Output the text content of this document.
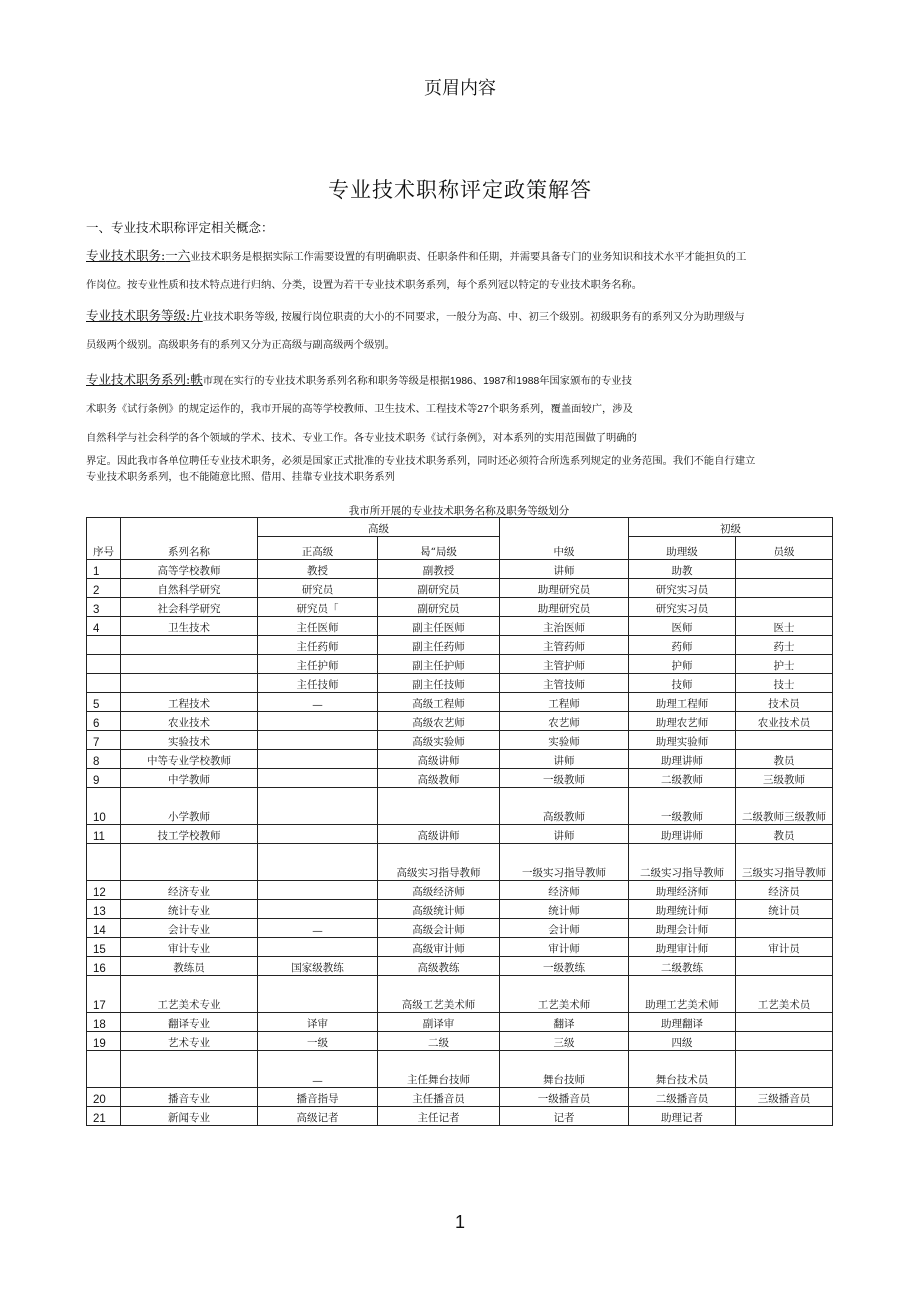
页眉内容
专业技术职称评定政策解答
一、专业技术职称评定相关概念：
专业技术职务:一六业技术职务是根据实际工作需要设置的有明确职责、任职条件和任期，并需要具备专门的业务知识和技术水平才能担负的工
作岗位。按专业性质和技术特点进行归纳、分类，设置为若干专业技术职务系列，每个系列冠以特定的专业技术职务名称。
专业技术职务等级:片业技术职务等级, 按履行岗位职责的大小的不同要求，一般分为高、中、初三个级别。初级职务有的系列又分为助理级与
员级两个级别。高级职务有的系列又分为正高级与副高级两个级别。
专业技术职务系列:軼市现在实行的专业技术职务系列名称和职务等级是根据1986、1987和1988年国家颁布的专业技
术职务《试行条例》的规定运作的，我市开展的高等学校教师、卫生技术、工程技术等27个职务系列，覆盖面较广，涉及
自然科学与社会科学的各个领域的学术、技术、专业工作。各专业技术职务《试行条例》，对本系列的实用范围做了明确的
界定。因此我市各单位聘任专业技术职务，必须是国家正式批准的专业技术职务系列，同时还必须符合所选系列规定的业务范围。我们不能自行建立
专业技术职务系列，也不能随意比照、借用、挂靠专业技术职务系列
我市所开展的专业技术职务名称及职务等级划分
序号	系列名称	高级		中级	初级	
		正高级	曷“局级		助理级	员级
1	高等学校教师	教授	副教授	讲师	助教	
2	自然科学研究	研究员	副研究员	助理研究员	研究实习员	
3	社会科学研究	研究员「	副研究员	助理研究员	研究实习员	
4	卫生技术	主任医师	副主任医师	主治医师	医师	医士
		主任药师	副主任药师	主管药师	药师	药士
		主任护师	副主任护师	主管护师	护师	护士
		主任技师	副主任技师	主管技师	技师	技士
5	工程技术	—	高级工程师	工程师	助理工程师	技术员
6	农业技术		高级农艺师	农艺师	助理农艺师	农业技术员
7	实验技术		高级实验师	实验师	助理实验师	
8	中等专业学校教师		高级讲师	讲师	助理讲师	教员
9	中学教师		高级教师	一级教师	二级教师	三级教师
10	小学教师			高级教师	一级教师	二级教师三级教师
11	技工学校教师		高级讲师	讲师	助理讲师	教员
			高级实习指导教师	一级实习指导教师	二级实习指导教师	三级实习指导教师
12	经济专业		高级经济师	经济师	助理经济师	经济员
13	统计专业		高级统计师	统计师	助理统计师	统计员
14	会计专业	—	高级会计师	会计师	助理会计师	
15	审计专业		高级审计师	审计师	助理审计师	审计员
16	教练员	国家级教练	高级教练	一级教练	二级教练	
17	工艺美术专业		高级工艺美术师	工艺美术师	助理工艺美术师	工艺美术员
18	翻译专业	译审	副译审	翻译	助理翻译	
19	艺术专业	一级	二级	三级	四级	
		—	主任舞台技师	舞台技师	舞台技术员	
20	播音专业	播音指导	主任播音员	一级播音员	二级播音员	三级播音员
21	新闻专业	高级记者	主任记者	记者	助理记者	
1
